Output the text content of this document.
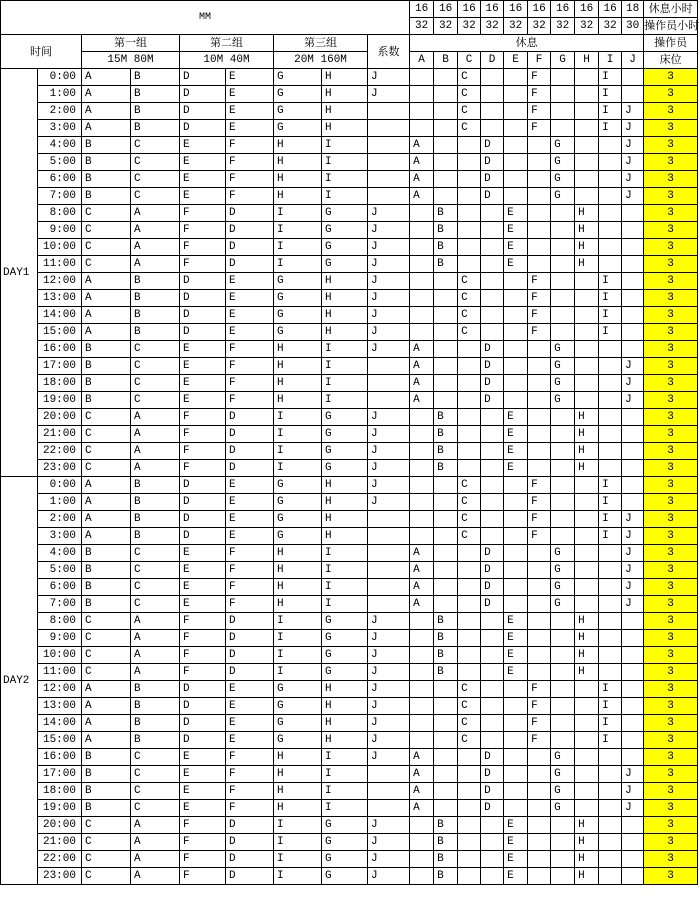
MM									16	16	16	16	16	16	16	16	16	18	休息小时
									32	32	32	32	32	32	32	32	32	30	操作员小时
时间		第一组		第二组		第三组		系数	休息										操作员
		15M 80M		10M 40M		20M 160M			A	B	C	D	E	F	G	H	I	J	床位
DAY1	0:00	A	B	D	E	G	H	J			C			F			I		3
	1:00	A	B	D	E	G	H	J			C			F			I		3
	2:00	A	B	D	E	G	H				C			F			I	J	3
	3:00	A	B	D	E	G	H				C			F			I	J	3
	4:00	B	C	E	F	H	I		A			D			G			J	3
	5:00	B	C	E	F	H	I		A			D			G			J	3
	6:00	B	C	E	F	H	I		A			D			G			J	3
	7:00	B	C	E	F	H	I		A			D			G			J	3
	8:00	C	A	F	D	I	G	J		B			E			H			3
	9:00	C	A	F	D	I	G	J		B			E			H			3
	10:00	C	A	F	D	I	G	J		B			E			H			3
	11:00	C	A	F	D	I	G	J		B			E			H			3
	12:00	A	B	D	E	G	H	J			C			F			I		3
	13:00	A	B	D	E	G	H	J			C			F			I		3
	14:00	A	B	D	E	G	H	J			C			F			I		3
	15:00	A	B	D	E	G	H	J			C			F			I		3
	16:00	B	C	E	F	H	I	J	A			D			G				3
	17:00	B	C	E	F	H	I		A			D			G			J	3
	18:00	B	C	E	F	H	I		A			D			G			J	3
	19:00	B	C	E	F	H	I		A			D			G			J	3
	20:00	C	A	F	D	I	G	J		B			E			H			3
	21:00	C	A	F	D	I	G	J		B			E			H			3
	22:00	C	A	F	D	I	G	J		B			E			H			3
	23:00	C	A	F	D	I	G	J		B			E			H			3
DAY2	0:00	A	B	D	E	G	H	J			C			F			I		3
	1:00	A	B	D	E	G	H	J			C			F			I		3
	2:00	A	B	D	E	G	H				C			F			I	J	3
	3:00	A	B	D	E	G	H				C			F			I	J	3
	4:00	B	C	E	F	H	I		A			D			G			J	3
	5:00	B	C	E	F	H	I		A			D			G			J	3
	6:00	B	C	E	F	H	I		A			D			G			J	3
	7:00	B	C	E	F	H	I		A			D			G			J	3
	8:00	C	A	F	D	I	G	J		B			E			H			3
	9:00	C	A	F	D	I	G	J		B			E			H			3
	10:00	C	A	F	D	I	G	J		B			E			H			3
	11:00	C	A	F	D	I	G	J		B			E			H			3
	12:00	A	B	D	E	G	H	J			C			F			I		3
	13:00	A	B	D	E	G	H	J			C			F			I		3
	14:00	A	B	D	E	G	H	J			C			F			I		3
	15:00	A	B	D	E	G	H	J			C			F			I		3
	16:00	B	C	E	F	H	I	J	A			D			G				3
	17:00	B	C	E	F	H	I		A			D			G			J	3
	18:00	B	C	E	F	H	I		A			D			G			J	3
	19:00	B	C	E	F	H	I		A			D			G			J	3
	20:00	C	A	F	D	I	G	J		B			E			H			3
	21:00	C	A	F	D	I	G	J		B			E			H			3
	22:00	C	A	F	D	I	G	J		B			E			H			3
	23:00	C	A	F	D	I	G	J		B			E			H			3
